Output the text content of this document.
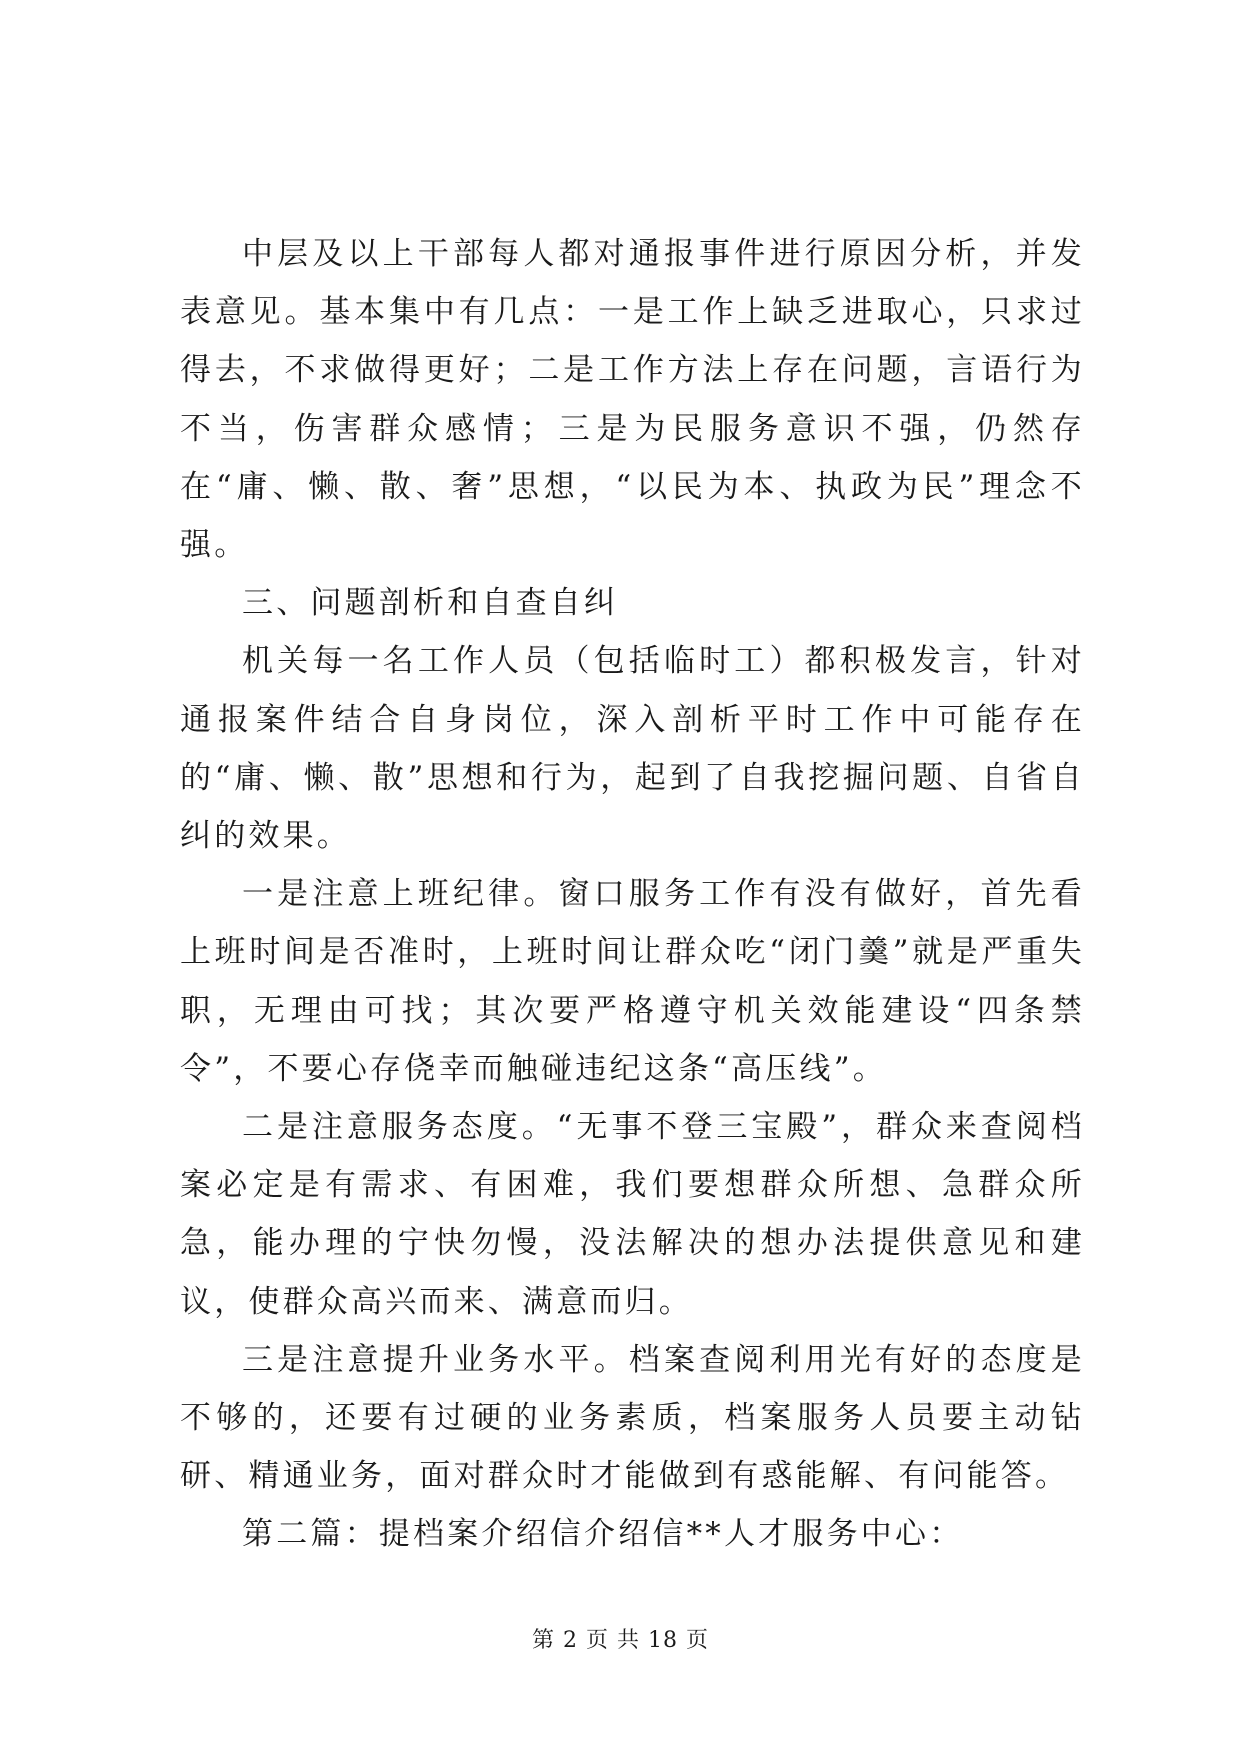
中层及以上干部每人都对通报事件进行原因分析，并发表意见。基本集中有几点：一是工作上缺乏进取心，只求过得去，不求做得更好；二是工作方法上存在问题，言语行为不当，伤害群众感情；三是为民服务意识不强，仍然存在“庸、懒、散、奢”思想，“以民为本、执政为民”理念不强。

三、问题剖析和自查自纠

机关每一名工作人员（包括临时工）都积极发言，针对通报案件结合自身岗位，深入剖析平时工作中可能存在的“庸、懒、散”思想和行为，起到了自我挖掘问题、自省自纠的效果。

一是注意上班纪律。窗口服务工作有没有做好，首先看上班时间是否准时，上班时间让群众吃“闭门羹”就是严重失职，无理由可找；其次要严格遵守机关效能建设“四条禁令”，不要心存侥幸而触碰违纪这条“高压线”。

二是注意服务态度。“无事不登三宝殿”，群众来查阅档案必定是有需求、有困难，我们要想群众所想、急群众所急，能办理的宁快勿慢，没法解决的想办法提供意见和建议，使群众高兴而来、满意而归。

三是注意提升业务水平。档案查阅利用光有好的态度是不够的，还要有过硬的业务素质，档案服务人员要主动钻研、精通业务，面对群众时才能做到有惑能解、有问能答。

第二篇：提档案介绍信介绍信**人才服务中心：

第 2 页 共 18 页
